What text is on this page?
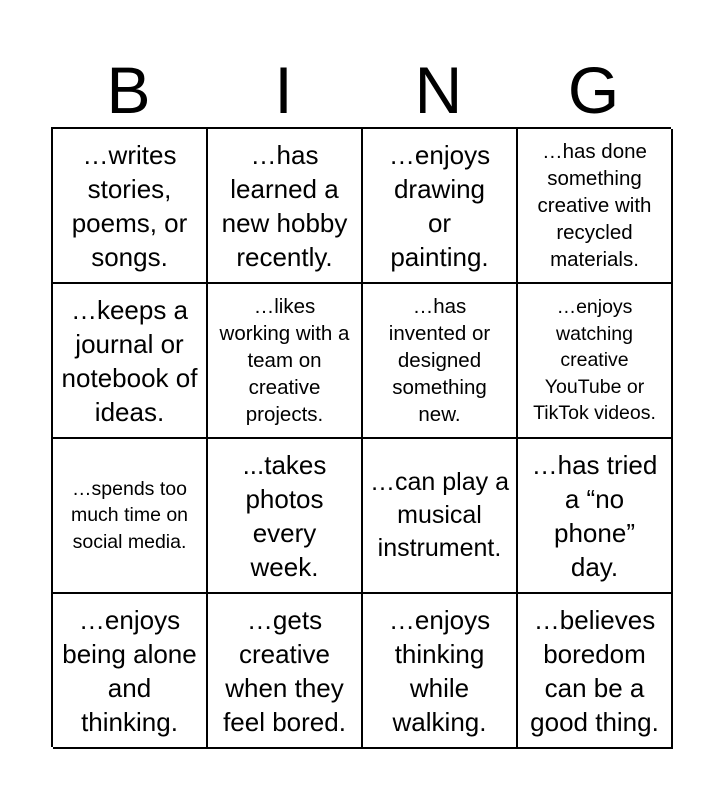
B	I	N	G
…writes stories, poems, or songs.
…has learned a new hobby recently.
…enjoys drawing or painting.
…has done something creative with recycled materials.
…keeps a journal or notebook of ideas.
…likes working with a team on creative projects.
…has invented or designed something new.
…enjoys watching creative YouTube or TikTok videos.
…spends too much time on social media.
...takes photos every week.
…can play a musical instrument.
…has tried a “no phone” day.
…enjoys being alone and thinking.
…gets creative when they feel bored.
…enjoys thinking while walking.
…believes boredom can be a good thing.
